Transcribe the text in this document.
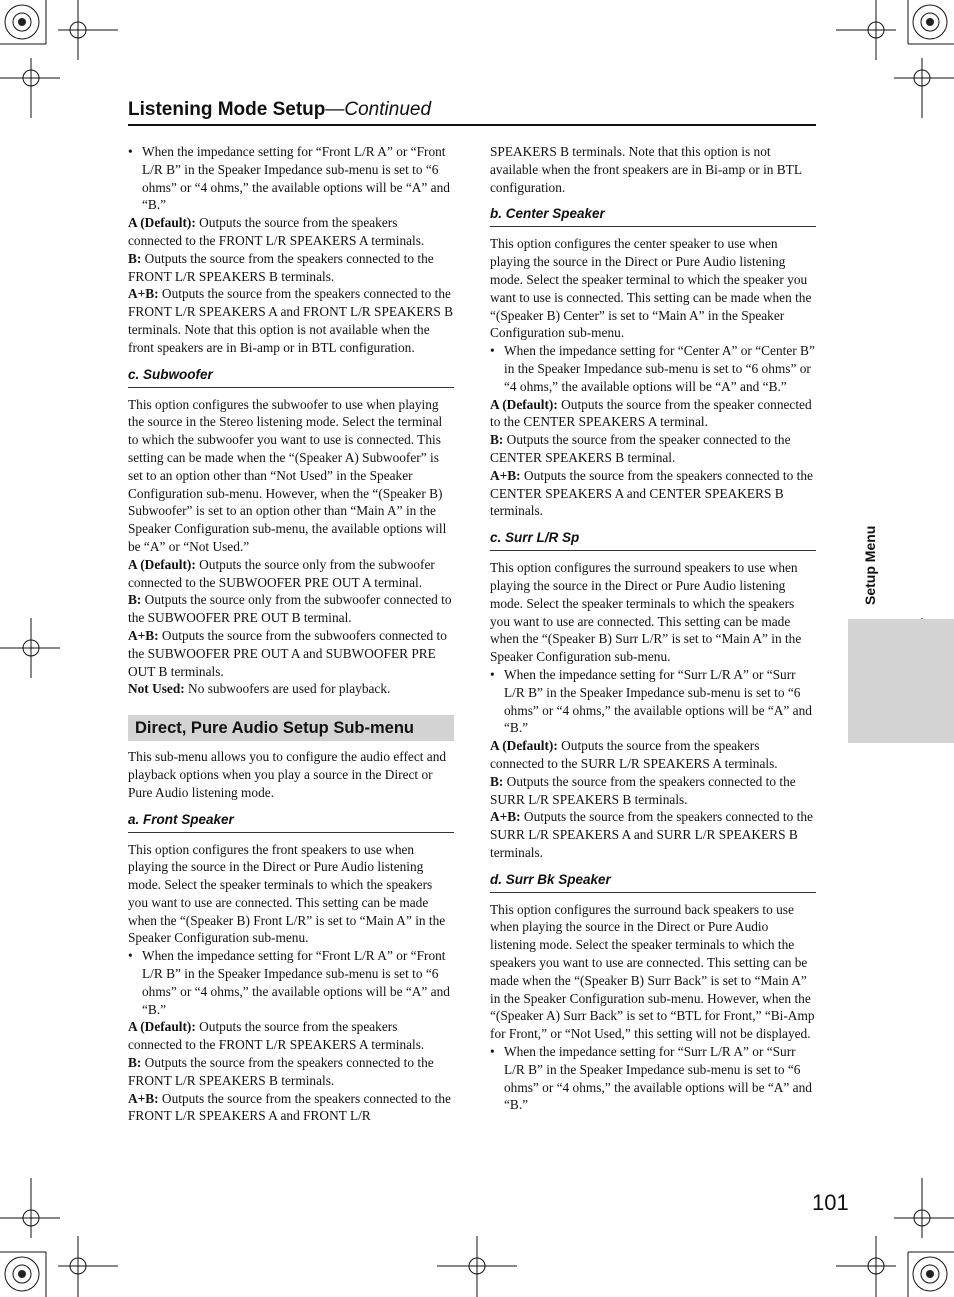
Listening Mode Setup—Continued

• When the impedance setting for “Front L/R A” or “Front L/R B” in the Speaker Impedance sub-menu is set to “6 ohms” or “4 ohms,” the available options will be “A” and “B.”

A (Default): Outputs the source from the speakers connected to the FRONT L/R SPEAKERS A terminals.

B: Outputs the source from the speakers connected to the FRONT L/R SPEAKERS B terminals.

A+B: Outputs the source from the speakers connected to the FRONT L/R SPEAKERS A and FRONT L/R SPEAKERS B terminals. Note that this option is not available when the front speakers are in Bi-amp or in BTL configuration.

c. Subwoofer

This option configures the subwoofer to use when playing the source in the Stereo listening mode. Select the terminal to which the subwoofer you want to use is connected. This setting can be made when the “(Speaker A) Subwoofer” is set to an option other than “Not Used” in the Speaker Configuration sub-menu. However, when the “(Speaker B) Subwoofer” is set to an option other than “Main A” in the Speaker Configuration sub-menu, the available options will be “A” or “Not Used.”

A (Default): Outputs the source only from the subwoofer connected to the SUBWOOFER PRE OUT A terminal.

B: Outputs the source only from the subwoofer connected to the SUBWOOFER PRE OUT B terminal.

A+B: Outputs the source from the subwoofers connected to the SUBWOOFER PRE OUT A and SUBWOOFER PRE OUT B terminals.

Not Used: No subwoofers are used for playback.

Direct, Pure Audio Setup Sub-menu

This sub-menu allows you to configure the audio effect and playback options when you play a source in the Direct or Pure Audio listening mode.

a. Front Speaker

This option configures the front speakers to use when playing the source in the Direct or Pure Audio listening mode. Select the speaker terminals to which the speakers you want to use are connected. This setting can be made when the “(Speaker B) Front L/R” is set to “Main A” in the Speaker Configuration sub-menu.

• When the impedance setting for “Front L/R A” or “Front L/R B” in the Speaker Impedance sub-menu is set to “6 ohms” or “4 ohms,” the available options will be “A” and “B.”

A (Default): Outputs the source from the speakers connected to the FRONT L/R SPEAKERS A terminals.

B: Outputs the source from the speakers connected to the FRONT L/R SPEAKERS B terminals.

A+B: Outputs the source from the speakers connected to the FRONT L/R SPEAKERS A and FRONT L/R

SPEAKERS B terminals. Note that this option is not available when the front speakers are in Bi-amp or in BTL configuration.

b. Center Speaker

This option configures the center speaker to use when playing the source in the Direct or Pure Audio listening mode. Select the speaker terminal to which the speaker you want to use is connected. This setting can be made when the “(Speaker B) Center” is set to “Main A” in the Speaker Configuration sub-menu.

• When the impedance setting for “Center A” or “Center B” in the Speaker Impedance sub-menu is set to “6 ohms” or “4 ohms,” the available options will be “A” and “B.”

A (Default): Outputs the source from the speaker connected to the CENTER SPEAKERS A terminal.

B: Outputs the source from the speaker connected to the CENTER SPEAKERS B terminal.

A+B: Outputs the source from the speakers connected to the CENTER SPEAKERS A and CENTER SPEAKERS B terminals.

c. Surr L/R Sp

This option configures the surround speakers to use when playing the source in the Direct or Pure Audio listening mode. Select the speaker terminals to which the speakers you want to use are connected. This setting can be made when the “(Speaker B) Surr L/R” is set to “Main A” in the Speaker Configuration sub-menu.

• When the impedance setting for “Surr L/R A” or “Surr L/R B” in the Speaker Impedance sub-menu is set to “6 ohms” or “4 ohms,” the available options will be “A” and “B.”

A (Default): Outputs the source from the speakers connected to the SURR L/R SPEAKERS A terminals.

B: Outputs the source from the speakers connected to the SURR L/R SPEAKERS B terminals.

A+B: Outputs the source from the speakers connected to the SURR L/R SPEAKERS A and SURR L/R SPEAKERS B terminals.

d. Surr Bk Speaker

This option configures the surround back speakers to use when playing the source in the Direct or Pure Audio listening mode. Select the speaker terminals to which the speakers you want to use are connected. This setting can be made when the “(Speaker B) Surr Back” is set to “Main A” in the Speaker Configuration sub-menu. However, when the “(Speaker A) Surr Back” is set to “BTL for Front,” “Bi-Amp for Front,” or “Not Used,” this setting will not be displayed.

• When the impedance setting for “Surr L/R A” or “Surr L/R B” in the Speaker Impedance sub-menu is set to “6 ohms” or “4 ohms,” the available options will be “A” and “B.”

Setup Menu
101
